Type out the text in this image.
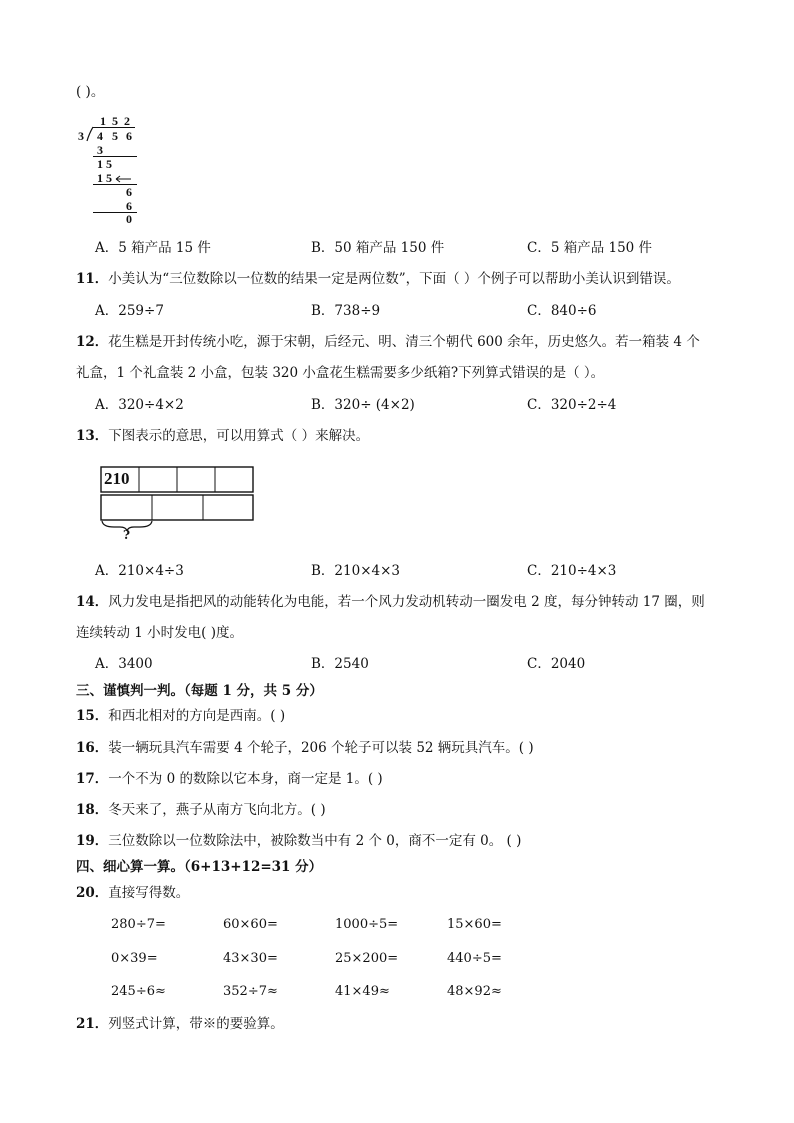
( )。
1 5 2
3 4 5 6
3
1 5
1 5
6
6
0
A．5 箱产品 15 件	B．50 箱产品 150 件	C．5 箱产品 150 件
11．小美认为“三位数除以一位数的结果一定是两位数”，下面（ ）个例子可以帮助小美认识到错误。
A．259÷7	B．738÷9	C．840÷6
12．花生糕是开封传统小吃，源于宋朝，后经元、明、清三个朝代 600 余年，历史悠久。若一箱装 4 个
礼盒，1 个礼盒装 2 小盒，包装 320 小盒花生糕需要多少纸箱?下列算式错误的是（ ）。
A．320÷4×2	B．320÷ (4×2)	C．320÷2÷4
13．下图表示的意思，可以用算式（ ）来解决。
210
?
A．210×4÷3	B．210×4×3	C．210÷4×3
14．风力发电是指把风的动能转化为电能，若一个风力发动机转动一圈发电 2 度，每分钟转动 17 圈，则
连续转动 1 小时发电( )度。
A．3400	B．2540	C．2040
三、谨慎判一判。（每题 1 分，共 5 分）
15．和西北相对的方向是西南。( )
16．装一辆玩具汽车需要 4 个轮子，206 个轮子可以装 52 辆玩具汽车。( )
17．一个不为 0 的数除以它本身，商一定是 1。( )
18．冬天来了，燕子从南方飞向北方。( )
19．三位数除以一位数除法中，被除数当中有 2 个 0，商不一定有 0。 ( )
四、细心算一算。（6+13+12=31 分）
20．直接写得数。
280÷7=	60×60=	1000÷5=	15×60=
0×39=	43×30=	25×200=	440÷5=
245÷6≈	352÷7≈	41×49≈	48×92≈
21．列竖式计算，带※的要验算。
